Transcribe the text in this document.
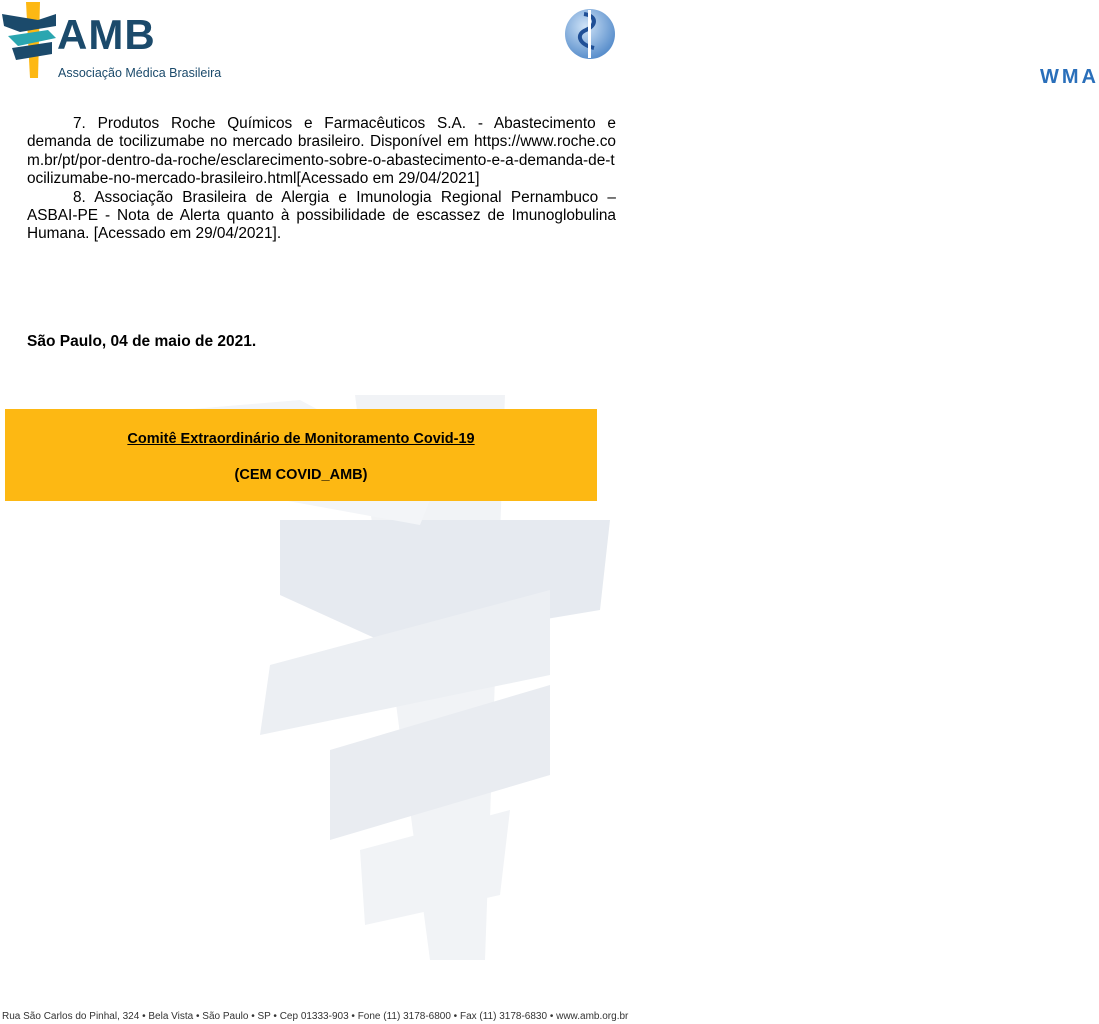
AMB
Associação Médica Brasileira	WMA

7. Produtos Roche Químicos e Farmacêuticos S.A. - Abastecimento e demanda de tocilizumabe no mercado brasileiro. Disponível em https://www.roche.com.br/pt/por-dentro-da-roche/esclarecimento-sobre-o-abastecimento-e-a-demanda-de-tocilizumabe-no-mercado-brasileiro.html[Acessado em 29/04/2021]

8. Associação Brasileira de Alergia e Imunologia Regional Pernambuco – ASBAI-PE - Nota de Alerta quanto à possibilidade de escassez de Imunoglobulina Humana. [Acessado em 29/04/2021].

São Paulo, 04 de maio de 2021.
Comitê Extraordinário de Monitoramento Covid-19
(CEM COVID_AMB)
Rua São Carlos do Pinhal, 324 • Bela Vista • São Paulo • SP • Cep 01333-903 • Fone (11) 3178-6800 • Fax (11) 3178-6830 • www.amb.org.br
